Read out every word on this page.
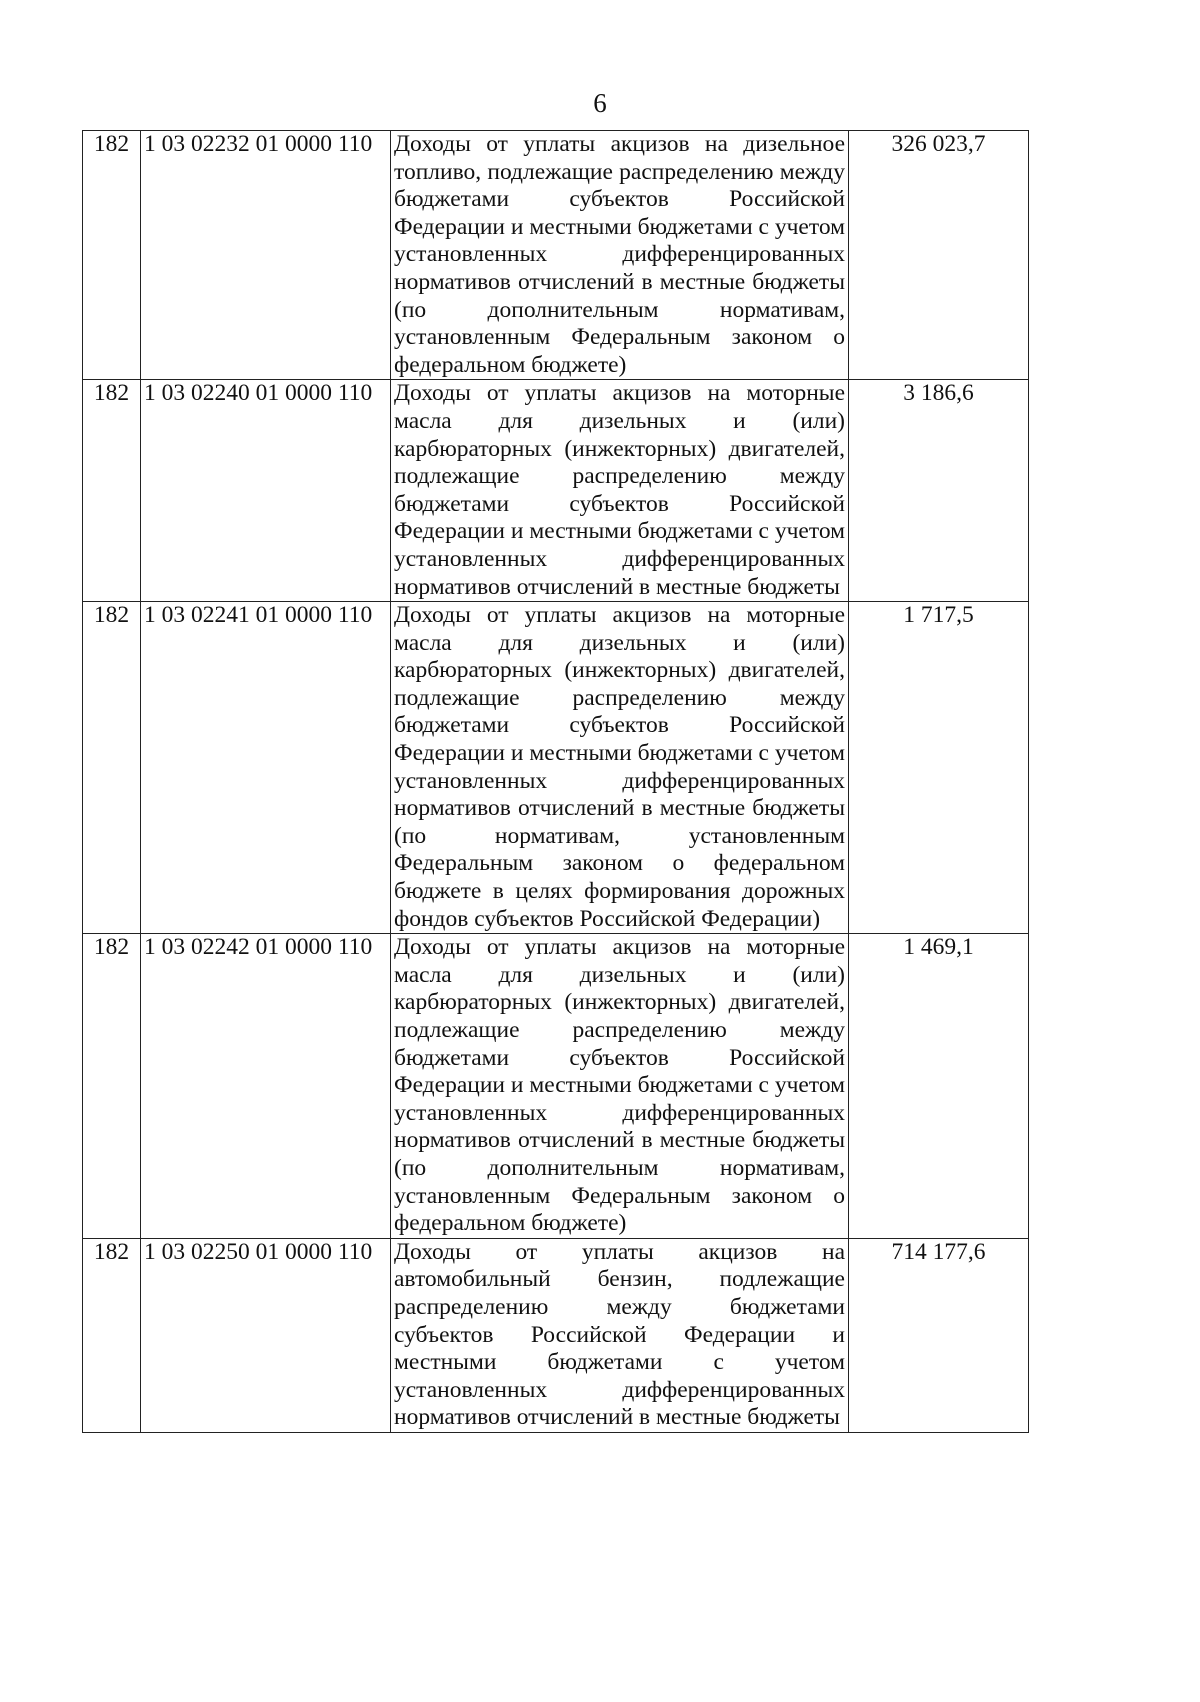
6
182	1 03 02232 01 0000 110	Доходы от уплаты акцизов на дизельное топливо, подлежащие распределению между бюджетами субъектов Российской Федерации и местными бюджетами с учетом установленных дифференцированных нормативов отчислений в местные бюджеты (по дополнительным нормативам, установленным Федеральным законом о федеральном бюджете)	326 023,7
182	1 03 02240 01 0000 110	Доходы от уплаты акцизов на моторные масла для дизельных и (или) карбюраторных (инжекторных) двигателей, подлежащие распределению между бюджетами субъектов Российской Федерации и местными бюджетами с учетом установленных дифференцированных нормативов отчислений в местные бюджеты	3 186,6
182	1 03 02241 01 0000 110	Доходы от уплаты акцизов на моторные масла для дизельных и (или) карбюраторных (инжекторных) двигателей, подлежащие распределению между бюджетами субъектов Российской Федерации и местными бюджетами с учетом установленных дифференцированных нормативов отчислений в местные бюджеты (по нормативам, установленным Федеральным законом о федеральном бюджете в целях формирования дорожных фондов субъектов Российской Федерации)	1 717,5
182	1 03 02242 01 0000 110	Доходы от уплаты акцизов на моторные масла для дизельных и (или) карбюраторных (инжекторных) двигателей, подлежащие распределению между бюджетами субъектов Российской Федерации и местными бюджетами с учетом установленных дифференцированных нормативов отчислений в местные бюджеты (по дополнительным нормативам, установленным Федеральным законом о федеральном бюджете)	1 469,1
182	1 03 02250 01 0000 110	Доходы от уплаты акцизов на автомобильный бензин, подлежащие распределению между бюджетами субъектов Российской Федерации и местными бюджетами с учетом установленных дифференцированных нормативов отчислений в местные бюджеты	714 177,6
